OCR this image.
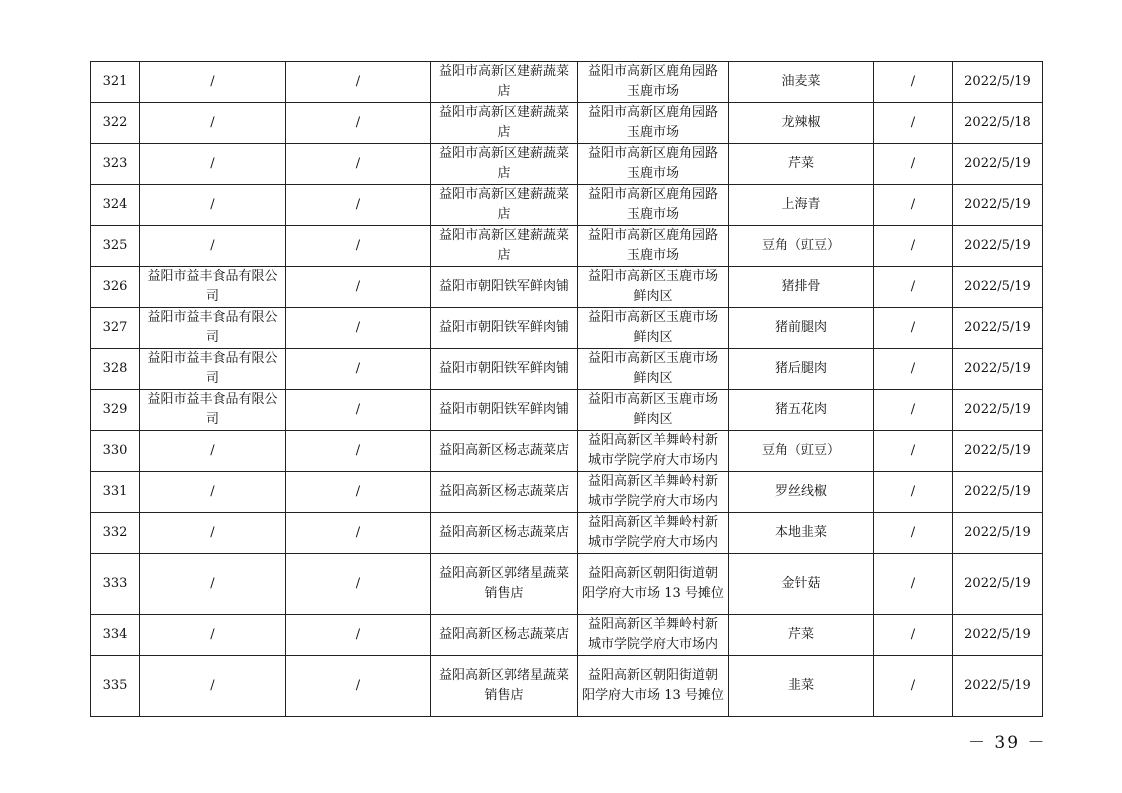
321	/	/	益阳市高新区建薪蔬菜店	益阳市高新区鹿角园路玉鹿市场	油麦菜	/	2022/5/19
322	/	/	益阳市高新区建薪蔬菜店	益阳市高新区鹿角园路玉鹿市场	龙辣椒	/	2022/5/18
323	/	/	益阳市高新区建薪蔬菜店	益阳市高新区鹿角园路玉鹿市场	芹菜	/	2022/5/19
324	/	/	益阳市高新区建薪蔬菜店	益阳市高新区鹿角园路玉鹿市场	上海青	/	2022/5/19
325	/	/	益阳市高新区建薪蔬菜店	益阳市高新区鹿角园路玉鹿市场	豆角（豇豆）	/	2022/5/19
326	益阳市益丰食品有限公司	/	益阳市朝阳铁军鲜肉铺	益阳市高新区玉鹿市场鲜肉区	猪排骨	/	2022/5/19
327	益阳市益丰食品有限公司	/	益阳市朝阳铁军鲜肉铺	益阳市高新区玉鹿市场鲜肉区	猪前腿肉	/	2022/5/19
328	益阳市益丰食品有限公司	/	益阳市朝阳铁军鲜肉铺	益阳市高新区玉鹿市场鲜肉区	猪后腿肉	/	2022/5/19
329	益阳市益丰食品有限公司	/	益阳市朝阳铁军鲜肉铺	益阳市高新区玉鹿市场鲜肉区	猪五花肉	/	2022/5/19
330	/	/	益阳高新区杨志蔬菜店	益阳高新区羊舞岭村新城市学院学府大市场内	豆角（豇豆）	/	2022/5/19
331	/	/	益阳高新区杨志蔬菜店	益阳高新区羊舞岭村新城市学院学府大市场内	罗丝线椒	/	2022/5/19
332	/	/	益阳高新区杨志蔬菜店	益阳高新区羊舞岭村新城市学院学府大市场内	本地韭菜	/	2022/5/19
333	/	/	益阳高新区郭绪星蔬菜销售店	益阳高新区朝阳街道朝阳学府大市场 13 号摊位	金针菇	/	2022/5/19
334	/	/	益阳高新区杨志蔬菜店	益阳高新区羊舞岭村新城市学院学府大市场内	芹菜	/	2022/5/19
335	/	/	益阳高新区郭绪星蔬菜销售店	益阳高新区朝阳街道朝阳学府大市场 13 号摊位	韭菜	/	2022/5/19
－ 39 －
